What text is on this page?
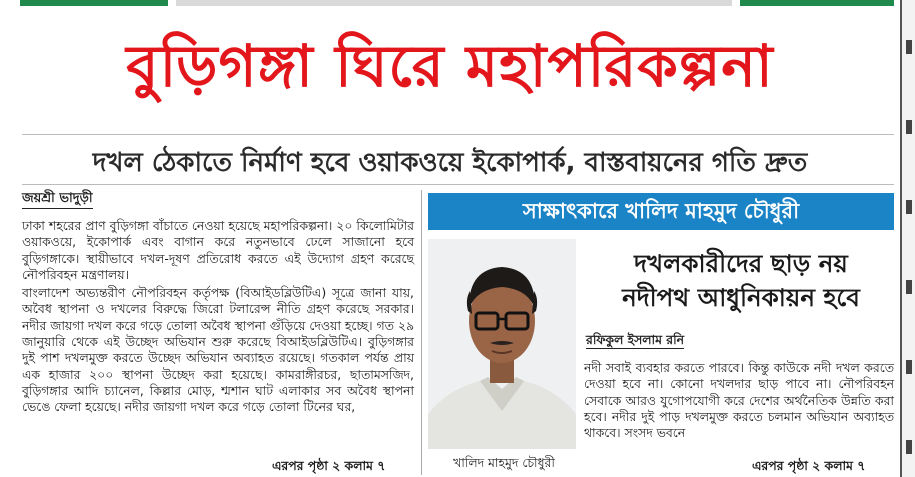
বুড়িগঙ্গা ঘিরে মহাপরিকল্পনা
দখল ঠেকাতে নির্মাণ হবে ওয়াকওয়ে ইকোপার্ক, বাস্তবায়নের গতি দ্রুত
জয়শ্রী ভাদুড়ী

ঢাকা শহরের প্রাণ বুড়িগঙ্গা বাঁচাতে নেওয়া হয়েছে মহাপরিকল্পনা। ২০ কিলোমিটার ওয়াকওয়ে, ইকোপার্ক এবং বাগান করে নতুনভাবে ঢেলে সাজানো হবে বুড়িগঙ্গাকে। স্থায়ীভাবে দখল-দূষণ প্রতিরোধ করতে এই উদ্যোগ গ্রহণ করেছে নৌপরিবহন মন্ত্রণালয়।

বাংলাদেশ অভ্যন্তরীণ নৌপরিবহন কর্তৃপক্ষ (বিআইডব্লিউটিএ) সূত্রে জানা যায়, অবৈধ স্থাপনা ও দখলের বিরুদ্ধে জিরো টলারেন্স নীতি গ্রহণ করেছে সরকার। নদীর জায়গা দখল করে গড়ে তোলা অবৈধ স্থাপনা গুঁড়িয়ে দেওয়া হচ্ছে। গত ২৯ জানুয়ারি থেকে এই উচ্ছেদ অভিযান শুরু করেছে বিআইডব্লিউটিএ। বুড়িগঙ্গার দুই পাশ দখলমুক্ত করতে উচ্ছেদ অভিযান অব্যাহত রয়েছে। গতকাল পর্যন্ত প্রায় এক হাজার ২০০ স্থাপনা উচ্ছেদ করা হয়েছে। কামরাঙ্গীরচর, ছাতামসজিদ, বুড়িগঙ্গার আদি চ্যানেল, কিল্লার মোড়, শ্মশান ঘাট এলাকার সব অবৈধ স্থাপনা ভেঙে ফেলা হয়েছে। নদীর জায়গা দখল করে গড়ে তোলা টিনের ঘর,

এরপর পৃষ্ঠা ২ কলাম ৭
সাক্ষাৎকারে খালিদ মাহমুদ চৌধুরী
খালিদ মাহমুদ চৌধুরী
দখলকারীদের ছাড় নয়
নদীপথ আধুনিকায়ন হবে
রফিকুল ইসলাম রনি
নদী সবাই ব্যবহার করতে পারবে। কিন্তু কাউকে নদী দখল করতে দেওয়া হবে না। কোনো দখলদার ছাড় পাবে না। নৌপরিবহন সেবাকে আরও যুগোপযোগী করে দেশের অর্থনৈতিক উন্নতি করা হবে। নদীর দুই পাড় দখলমুক্ত করতে চলমান অভিযান অব্যাহত থাকবে। সংসদ ভবনে
এরপর পৃষ্ঠা ২ কলাম ৭
